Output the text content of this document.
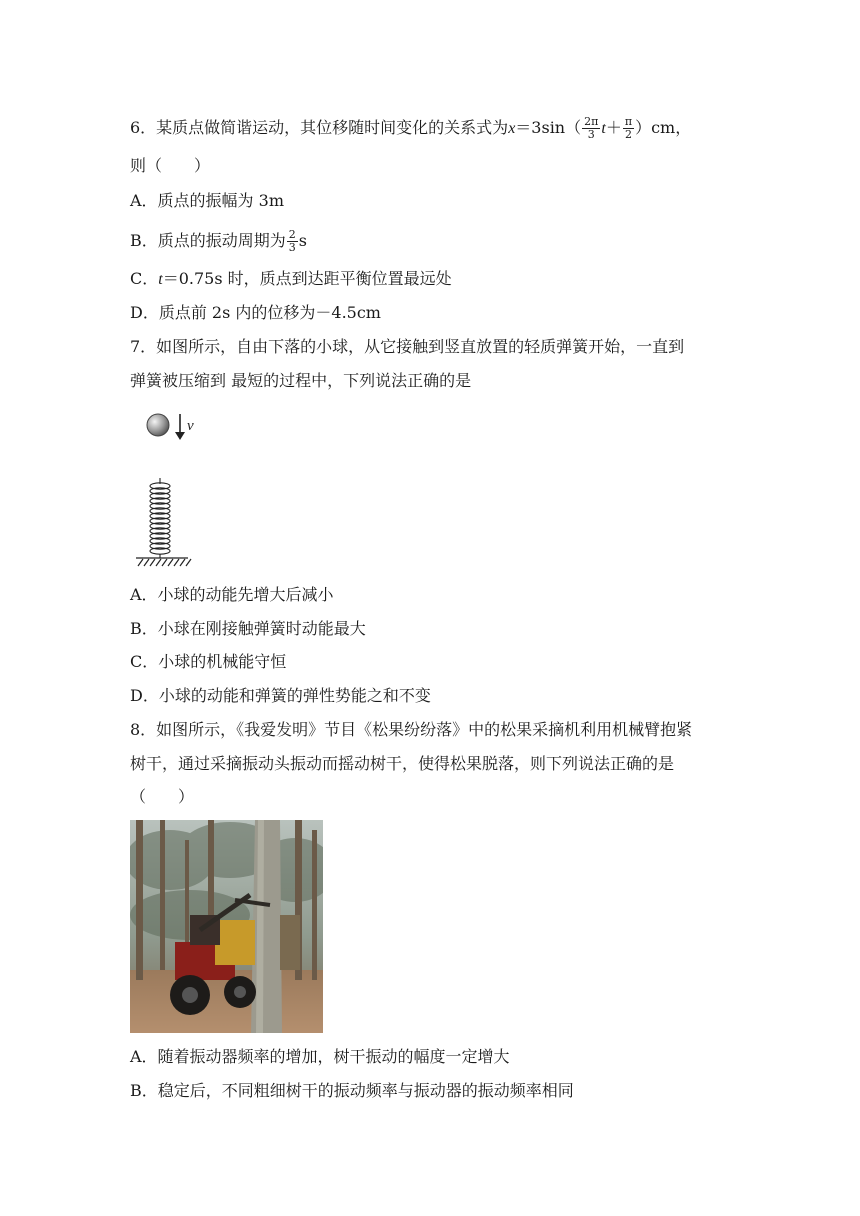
6．某质点做简谐运动，其位移随时间变化的关系式为$x=3\sin( \frac{2\pi}{3} t+ \frac{\pi}{2} )cm$，
则（　　）
A．质点的振幅为 3m
B．质点的振动周期为 $\frac{2}{3}$ s
C．t＝0.75s 时，质点到达距平衡位置最远处
D．质点前 2s 内的位移为－4.5cm
7．如图所示，自由下落的小球，从它接触到竖直放置的轻质弹簧开始，一直到
弹簧被压缩到 最短的过程中，下列说法正确的是
v
A．小球的动能先增大后减小
B．小球在刚接触弹簧时动能最大
C．小球的机械能守恒
D．小球的动能和弹簧的弹性势能之和不变
8．如图所示，《我爱发明》节目《松果纷纷落》中的松果采摘机利用机械臂抱紧
树干，通过采摘振动头振动而摇动树干，使得松果脱落，则下列说法正确的是
（　　）
A．随着振动器频率的增加，树干振动的幅度一定增大
B．稳定后，不同粗细树干的振动频率与振动器的振动频率相同
